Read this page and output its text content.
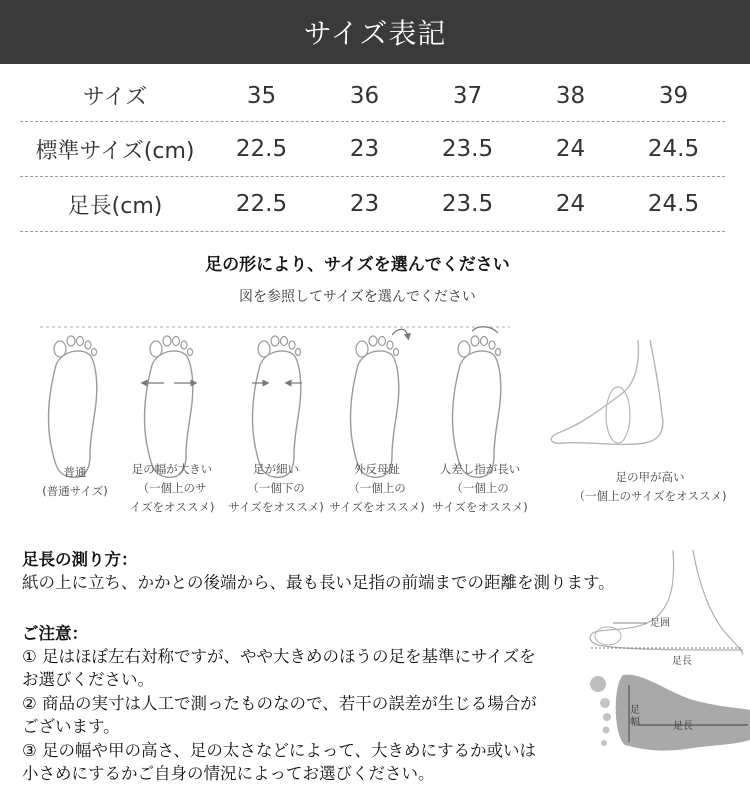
サイズ表記
サイズ	35	36	37	38	39
標準サイズ(cm)	22.5	23	23.5	24	24.5
足長(cm)	22.5	23	23.5	24	24.5
足の形により、サイズを選んでください
図を参照してサイズを選んでください
普通
(普通サイズ)
足の幅が大きい
（一個上のサ
イズをオススメ)
足が細い
（一個下の
サイズをオススメ)
外反母趾
（一個上の
サイズをオススメ)
人差し指が長い
（一個上の
サイズをオススメ)
足の甲が高い
（一個上のサイズをオススメ)
足長の測り方：
紙の上に立ち、かかとの後端から、最も長い足指の前端までの距離を測ります。
ご注意：
① 足はほぼ左右対称ですが、やや大きめのほうの足を基準にサイズを
お選びください。
② 商品の実寸は人工で測ったものなので、若干の誤差が生じる場合が
ございます。
③ 足の幅や甲の高さ、足の太さなどによって、大きめにするか或いは
小さめにするかご自身の情況によってお選びください。
足囲
足長
足幅	足長
